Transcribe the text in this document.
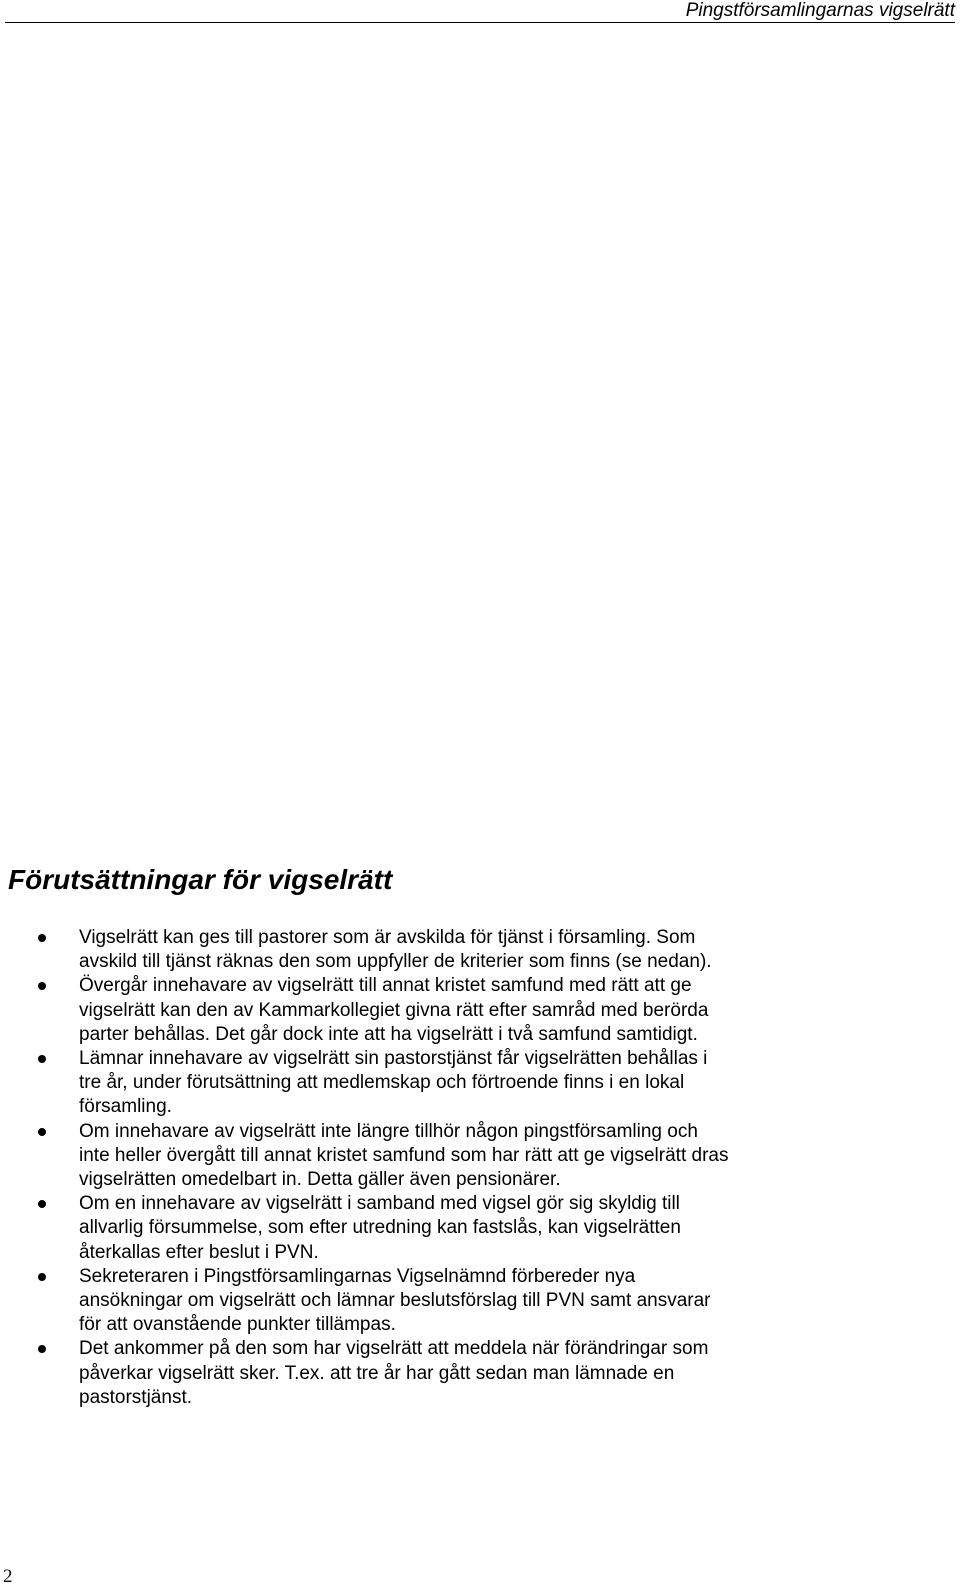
Pingstförsamlingarnas vigselrätt
Förutsättningar för vigselrätt
Vigselrätt kan ges till pastorer som är avskilda för tjänst i församling. Som avskild till tjänst räknas den som uppfyller de kriterier som finns (se nedan).
Övergår innehavare av vigselrätt till annat kristet samfund med rätt att ge vigselrätt kan den av Kammarkollegiet givna rätt efter samråd med berörda parter behållas. Det går dock inte att ha vigselrätt i två samfund samtidigt.
Lämnar innehavare av vigselrätt sin pastorstjänst får vigselrätten behållas i tre år, under förutsättning att medlemskap och förtroende finns i en lokal församling.
Om innehavare av vigselrätt inte längre tillhör någon pingstförsamling och inte heller övergått till annat kristet samfund som har rätt att ge vigselrätt dras vigselrätten omedelbart in. Detta gäller även pensionärer.
Om en innehavare av vigselrätt i samband med vigsel gör sig skyldig till allvarlig försummelse, som efter utredning kan fastslås, kan vigselrätten återkallas efter beslut i PVN.
Sekreteraren i Pingstförsamlingarnas Vigselnämnd förbereder nya ansökningar om vigselrätt och lämnar beslutsförslag till PVN samt ansvarar för att ovanstående punkter tillämpas.
Det ankommer på den som har vigselrätt att meddela när förändringar som påverkar vigselrätt sker. T.ex. att tre år har gått sedan man lämnade en pastorstjänst.
2
